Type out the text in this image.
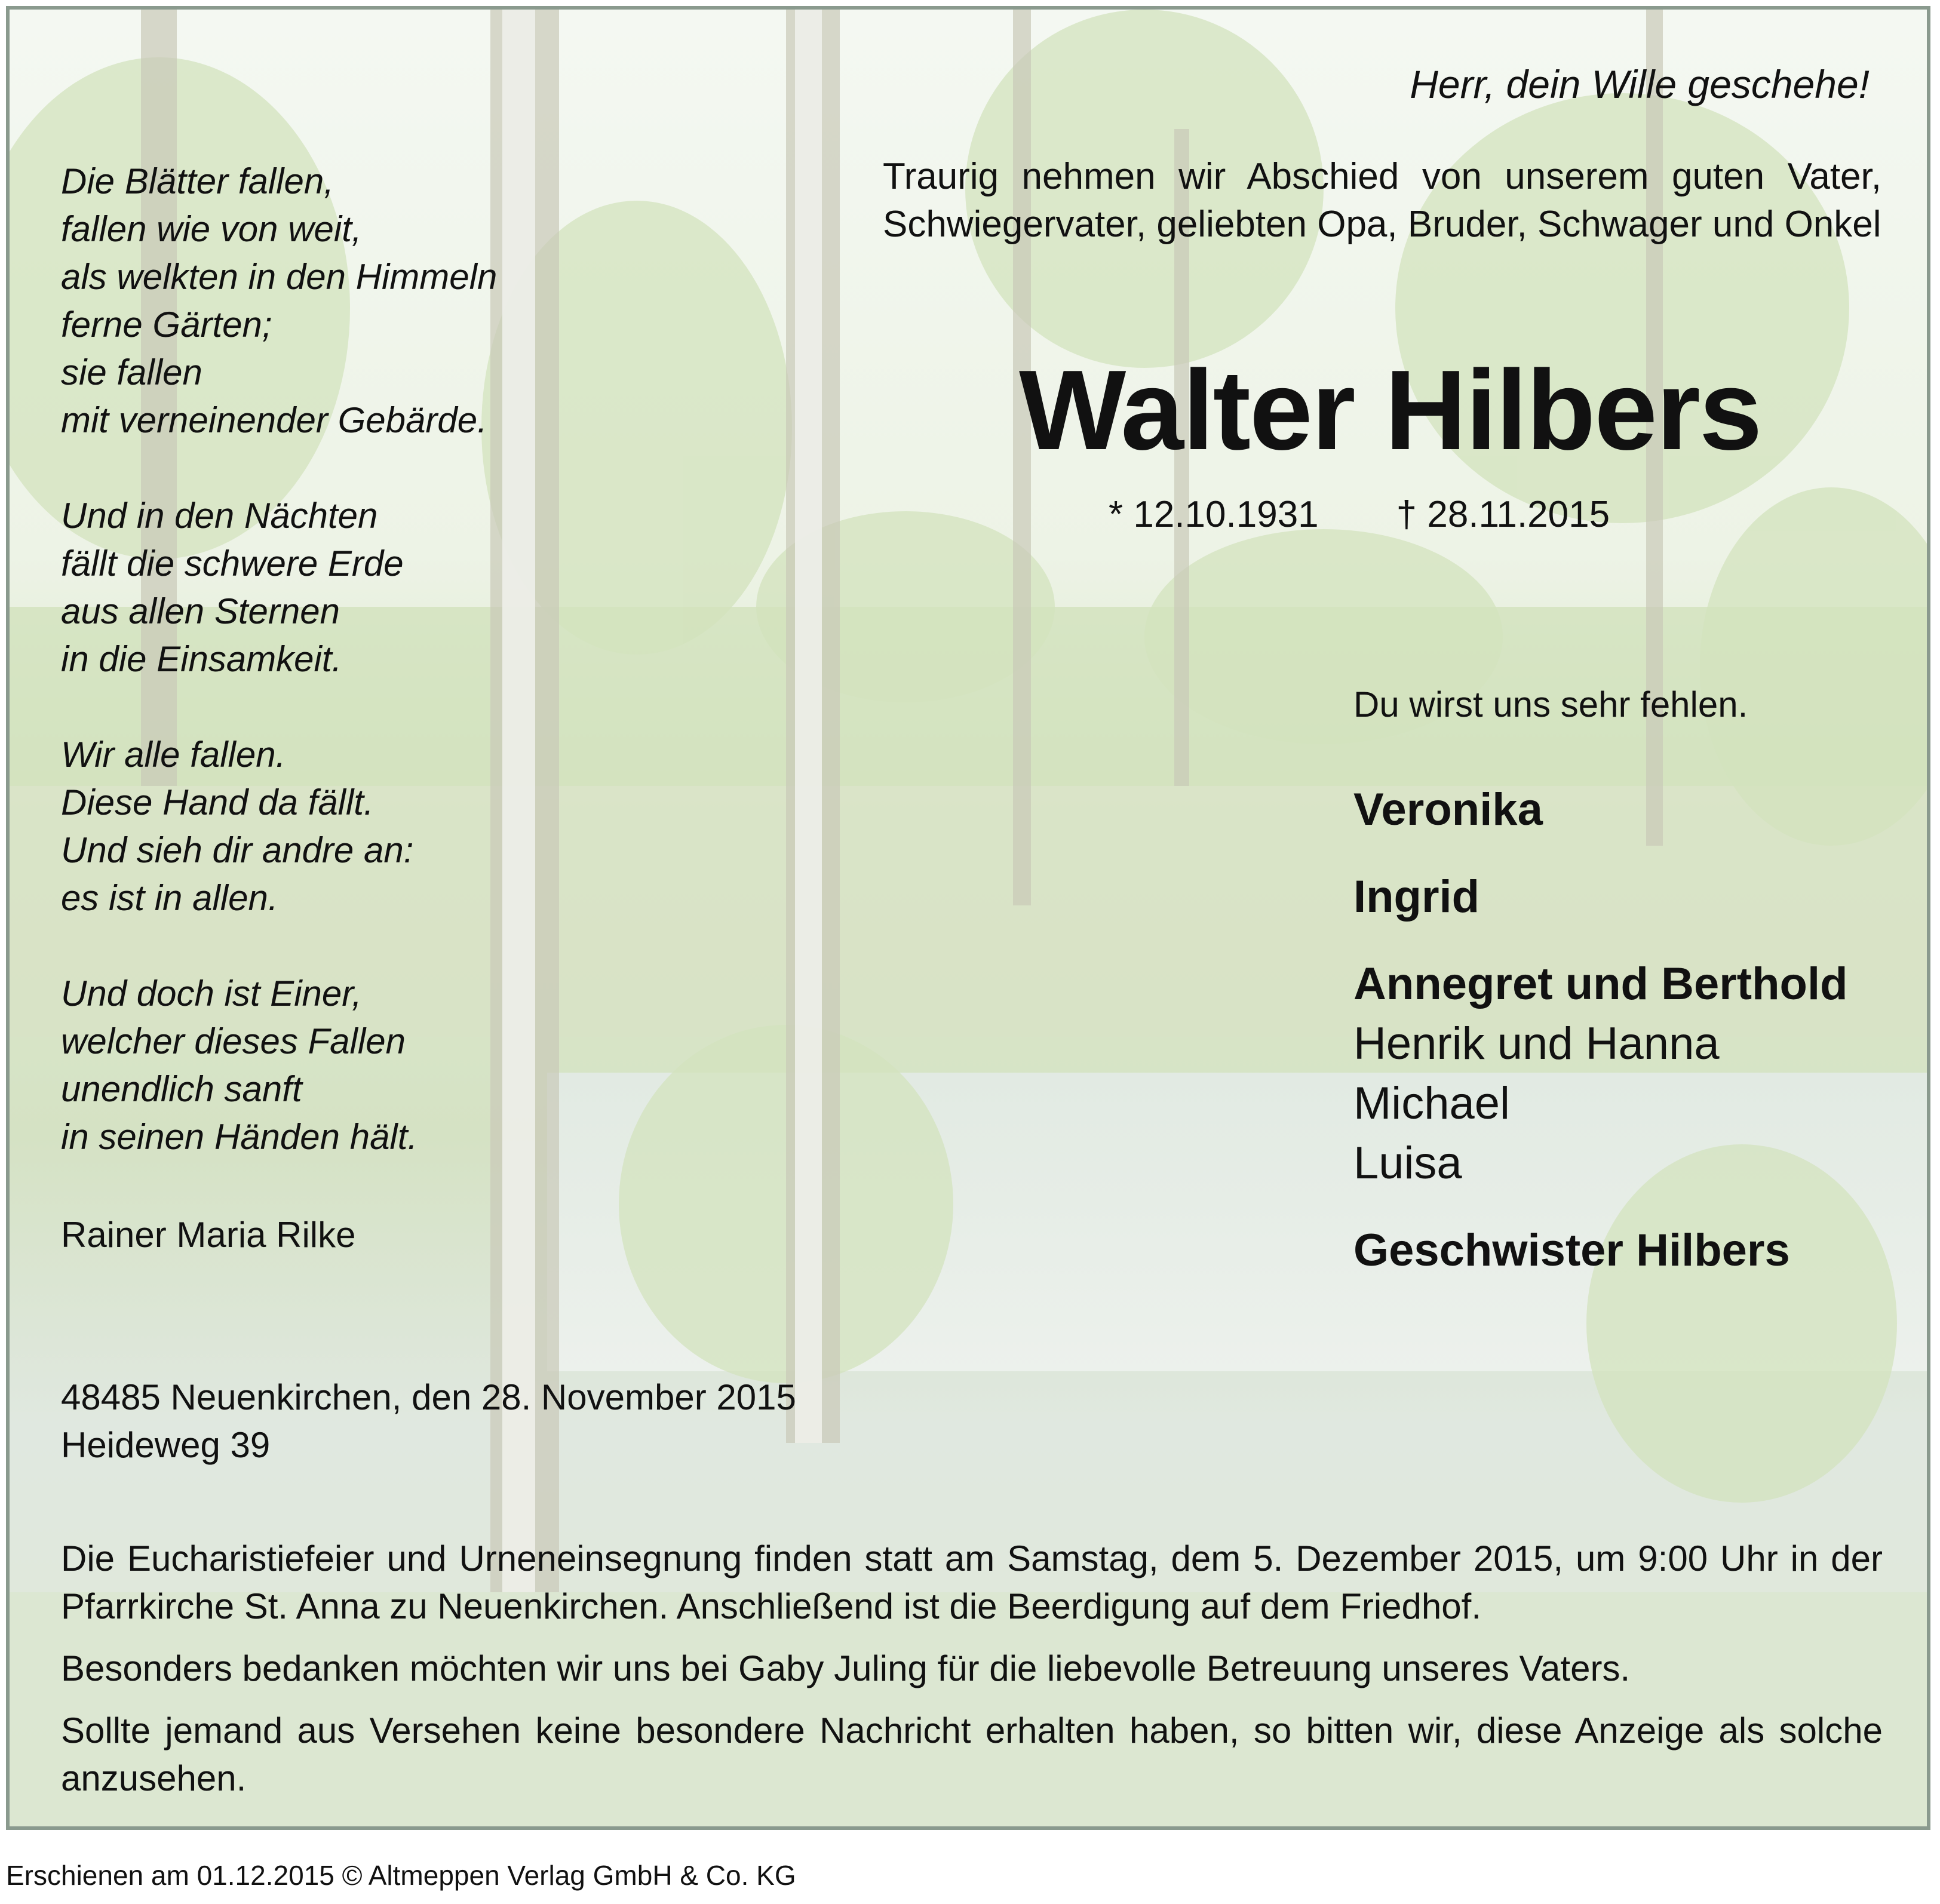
Herr, dein Wille geschehe!
Die Blätter fallen,
fallen wie von weit,
als welkten in den Himmeln
ferne Gärten;
sie fallen
mit verneinender Gebärde.
Und in den Nächten
fällt die schwere Erde
aus allen Sternen
in die Einsamkeit.
Wir alle fallen.
Diese Hand da fällt.
Und sieh dir andre an:
es ist in allen.
Und doch ist Einer,
welcher dieses Fallen
unendlich sanft
in seinen Händen hält.
Rainer Maria Rilke
Traurig nehmen wir Abschied von unserem guten Vater, Schwiegervater, geliebten Opa, Bruder, Schwager und Onkel
Walter Hilbers
* 12.10.1931 † 28.11.2015
Du wirst uns sehr fehlen.
Veronika
Ingrid
Annegret und Berthold
Henrik und Hanna
Michael
Luisa
Geschwister Hilbers
48485 Neuenkirchen, den 28. November 2015
Heideweg 39

Die Eucharistiefeier und Urneneinsegnung finden statt am Samstag, dem 5. Dezember 2015, um 9:00 Uhr in der Pfarrkirche St. Anna zu Neuenkirchen. Anschließend ist die Beerdigung auf dem Friedhof.

Besonders bedanken möchten wir uns bei Gaby Juling für die liebevolle Betreuung unseres Vaters.

Sollte jemand aus Versehen keine besondere Nachricht erhalten haben, so bitten wir, diese Anzeige als solche anzusehen.

Erschienen am 01.12.2015 © Altmeppen Verlag GmbH & Co. KG
